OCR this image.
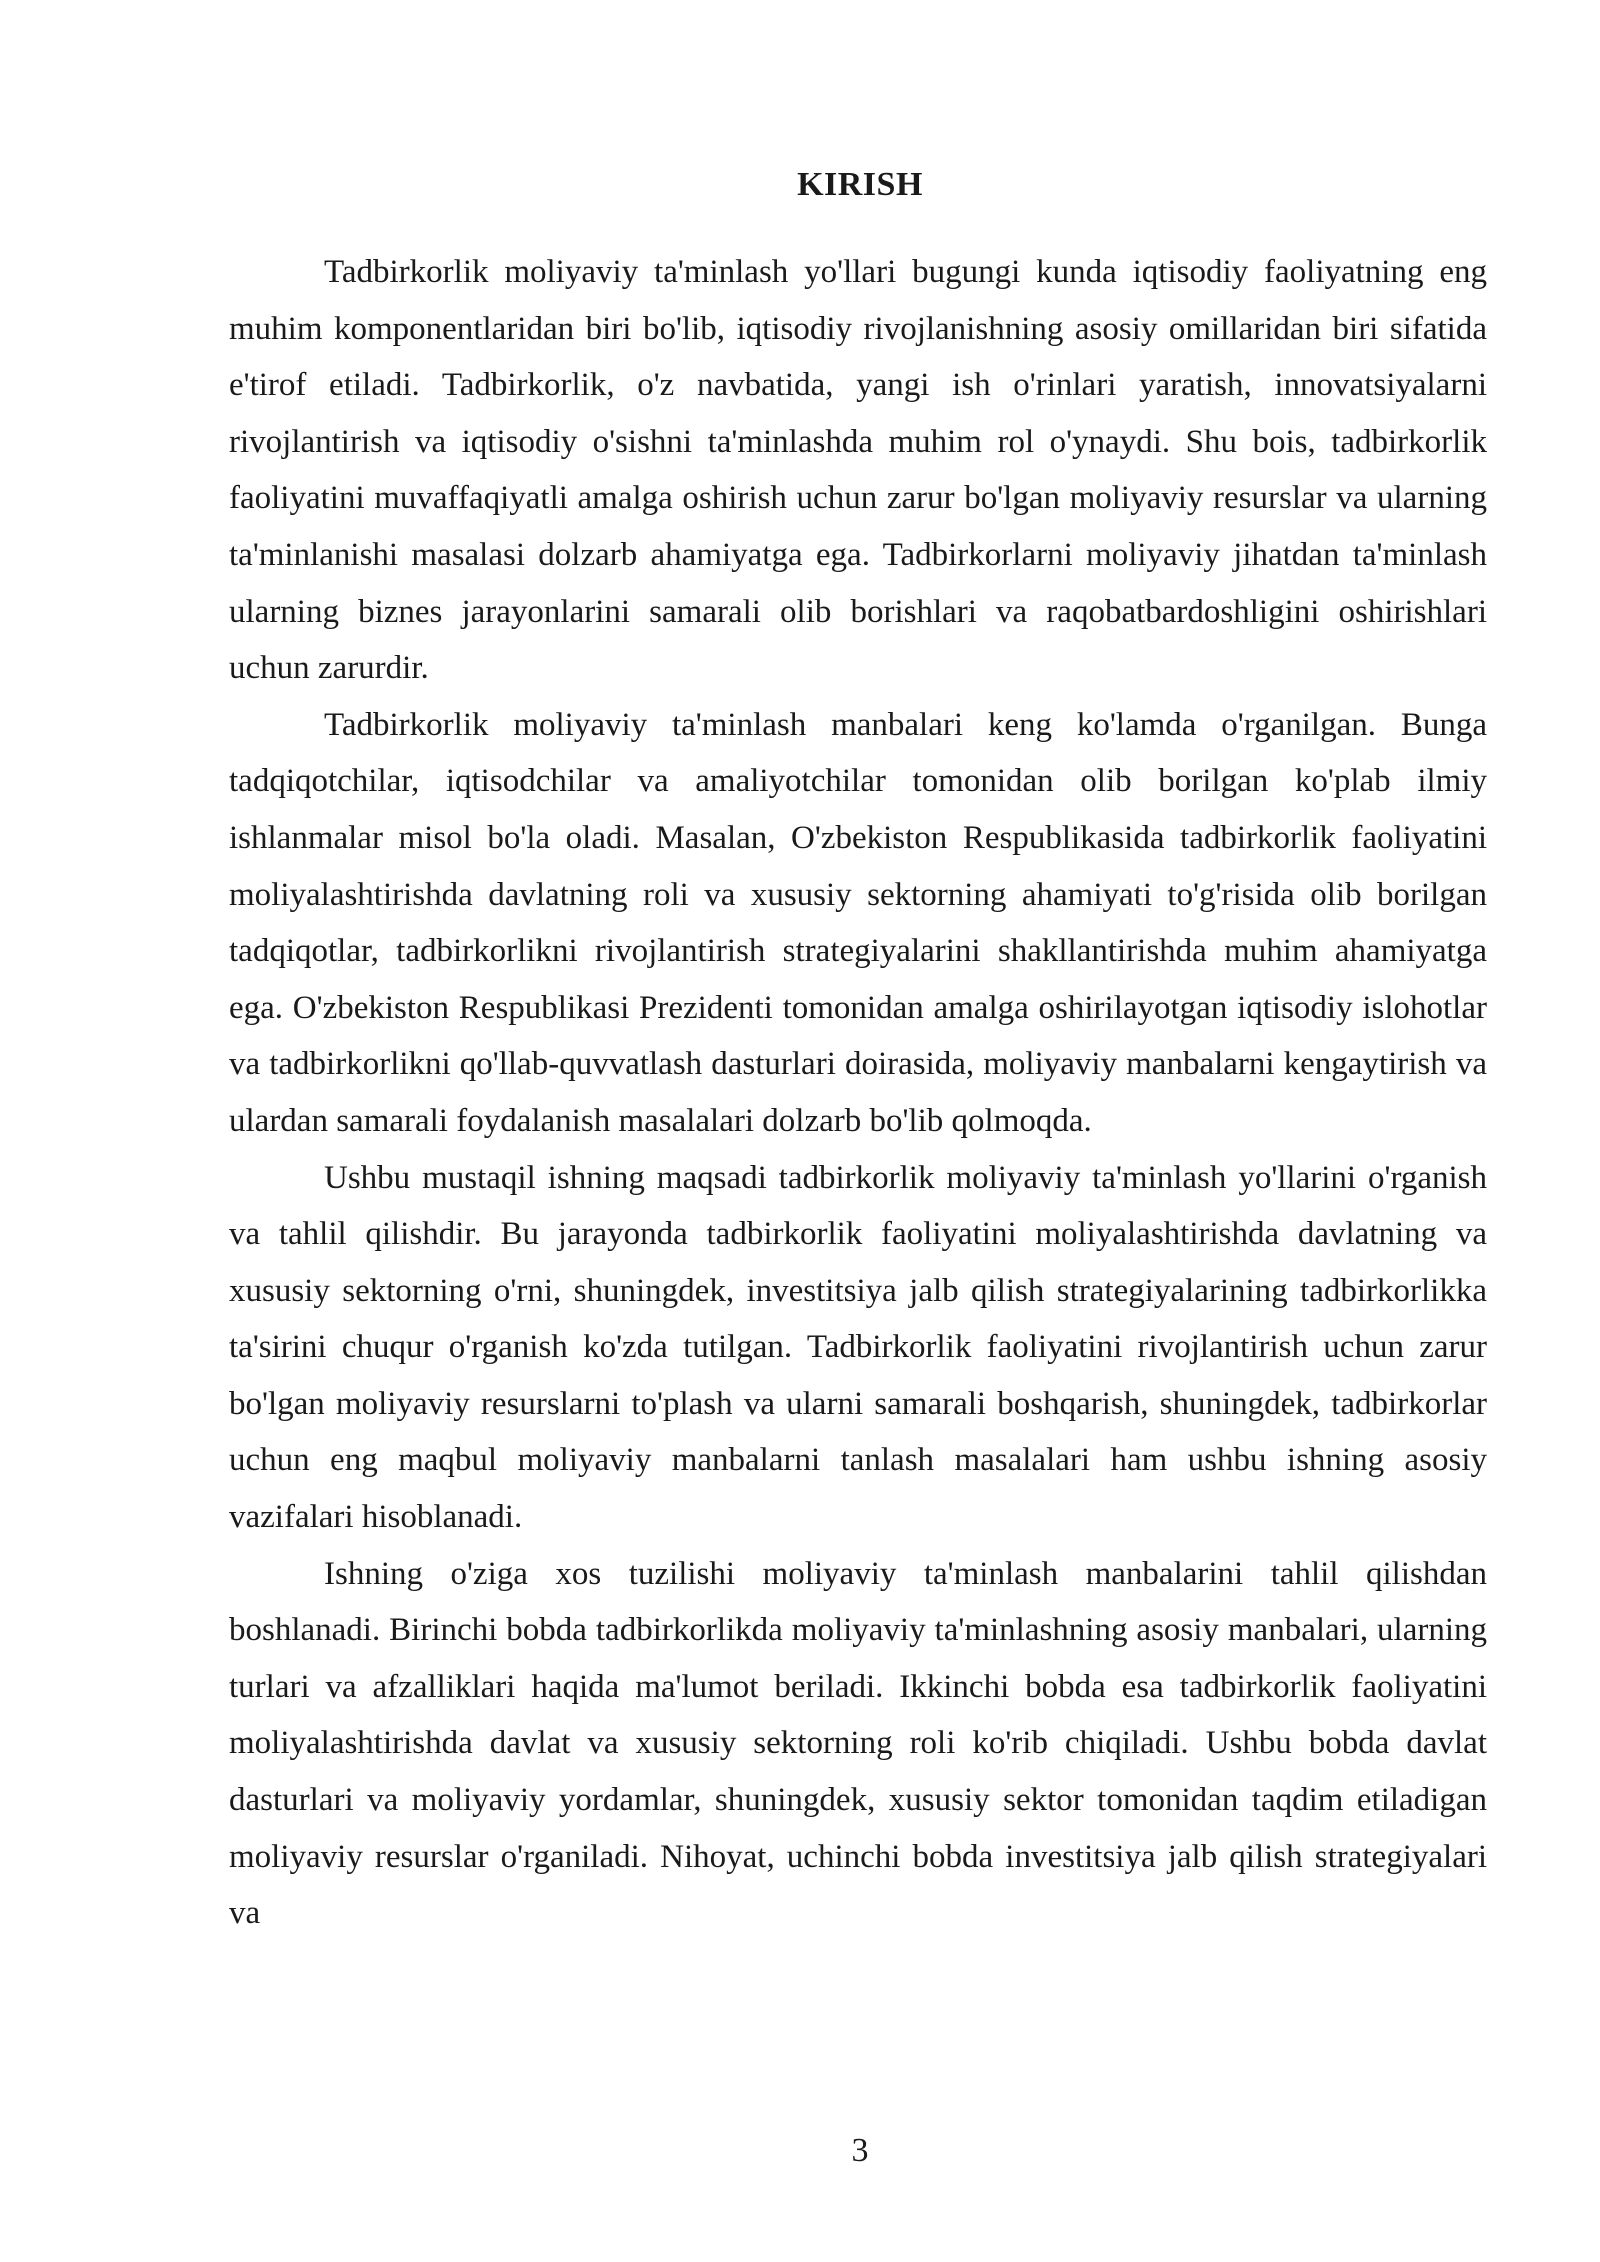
KIRISH

Tadbirkorlik moliyaviy ta'minlash yo'llari bugungi kunda iqtisodiy faoliyatning eng muhim komponentlaridan biri bo'lib, iqtisodiy rivojlanishning asosiy omillaridan biri sifatida e'tirof etiladi. Tadbirkorlik, o'z navbatida, yangi ish o'rinlari yaratish, innovatsiyalarni rivojlantirish va iqtisodiy o'sishni ta'minlashda muhim rol o'ynaydi. Shu bois, tadbirkorlik faoliyatini muvaffaqiyatli amalga oshirish uchun zarur bo'lgan moliyaviy resurslar va ularning ta'minlanishi masalasi dolzarb ahamiyatga ega. Tadbirkorlarni moliyaviy jihatdan ta'minlash ularning biznes jarayonlarini samarali olib borishlari va raqobatbardoshligini oshirishlari uchun zarurdir.

Tadbirkorlik moliyaviy ta'minlash manbalari keng ko'lamda o'rganilgan. Bunga tadqiqotchilar, iqtisodchilar va amaliyotchilar tomonidan olib borilgan ko'plab ilmiy ishlanmalar misol bo'la oladi. Masalan, O'zbekiston Respublikasida tadbirkorlik faoliyatini moliyalashtirishda davlatning roli va xususiy sektorning ahamiyati to'g'risida olib borilgan tadqiqotlar, tadbirkorlikni rivojlantirish strategiyalarini shakllantirishda muhim ahamiyatga ega. O'zbekiston Respublikasi Prezidenti tomonidan amalga oshirilayotgan iqtisodiy islohotlar va tadbirkorlikni qo'llab-quvvatlash dasturlari doirasida, moliyaviy manbalarni kengaytirish va ulardan samarali foydalanish masalalari dolzarb bo'lib qolmoqda.

Ushbu mustaqil ishning maqsadi tadbirkorlik moliyaviy ta'minlash yo'llarini o'rganish va tahlil qilishdir. Bu jarayonda tadbirkorlik faoliyatini moliyalashtirishda davlatning va xususiy sektorning o'rni, shuningdek, investitsiya jalb qilish strategiyalarining tadbirkorlikka ta'sirini chuqur o'rganish ko'zda tutilgan. Tadbirkorlik faoliyatini rivojlantirish uchun zarur bo'lgan moliyaviy resurslarni to'plash va ularni samarali boshqarish, shuningdek, tadbirkorlar uchun eng maqbul moliyaviy manbalarni tanlash masalalari ham ushbu ishning asosiy vazifalari hisoblanadi.

Ishning o'ziga xos tuzilishi moliyaviy ta'minlash manbalarini tahlil qilishdan boshlanadi. Birinchi bobda tadbirkorlikda moliyaviy ta'minlashning asosiy manbalari, ularning turlari va afzalliklari haqida ma'lumot beriladi. Ikkinchi bobda esa tadbirkorlik faoliyatini moliyalashtirishda davlat va xususiy sektorning roli ko'rib chiqiladi. Ushbu bobda davlat dasturlari va moliyaviy yordamlar, shuningdek, xususiy sektor tomonidan taqdim etiladigan moliyaviy resurslar o'rganiladi. Nihoyat, uchinchi bobda investitsiya jalb qilish strategiyalari va

3
